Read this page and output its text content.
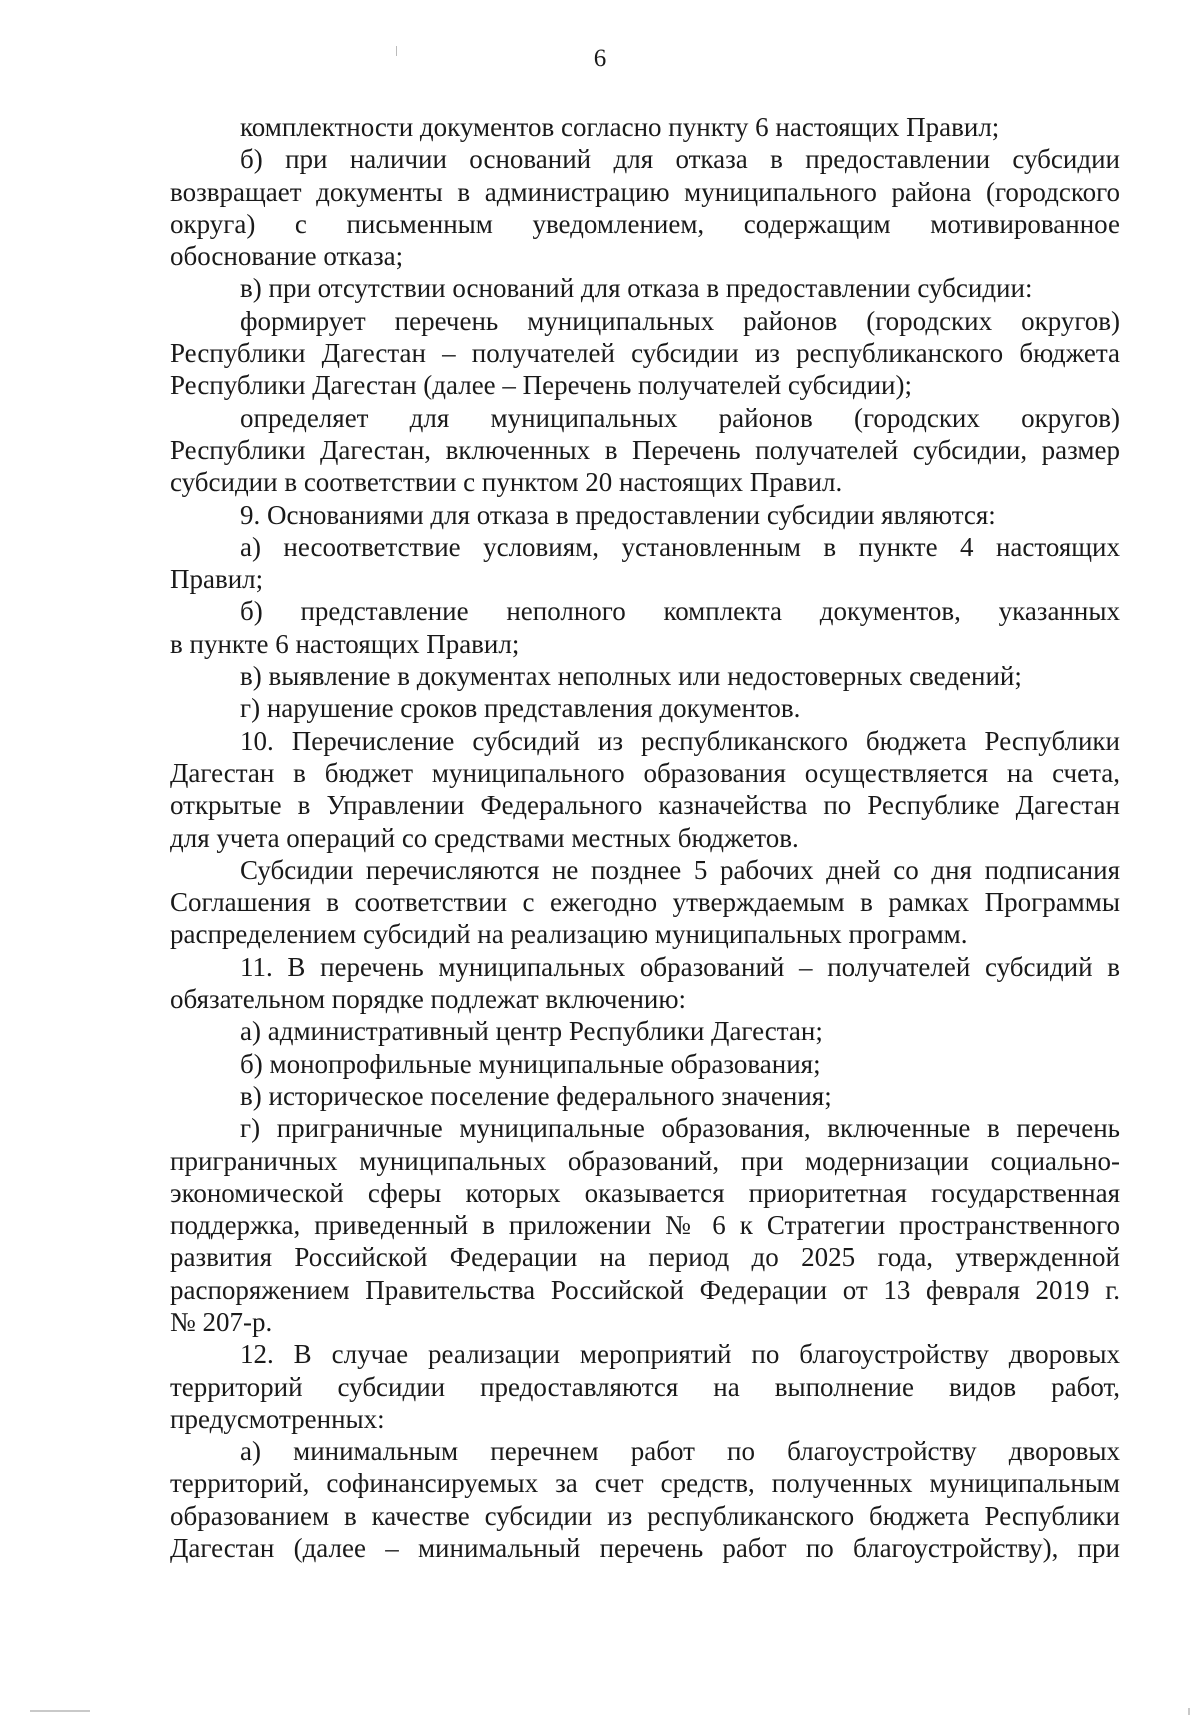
6
комплектности документов согласно пункту 6 настоящих Правил;
б) при наличии оснований для отказа в предоставлении субсидии
возвращает документы в администрацию муниципального района (городского
округа) с письменным уведомлением, содержащим мотивированное
обоснование отказа;
в) при отсутствии оснований для отказа в предоставлении субсидии:
формирует перечень муниципальных районов (городских округов)
Республики Дагестан – получателей субсидии из республиканского бюджета
Республики Дагестан (далее – Перечень получателей субсидии);
определяет для муниципальных районов (городских округов)
Республики Дагестан, включенных в Перечень получателей субсидии, размер
субсидии в соответствии с пунктом 20 настоящих Правил.
9. Основаниями для отказа в предоставлении субсидии являются:
а) несоответствие условиям, установленным в пункте 4 настоящих
Правил;
б) представление неполного комплекта документов, указанных
в пункте 6 настоящих Правил;
в) выявление в документах неполных или недостоверных сведений;
г) нарушение сроков представления документов.
10. Перечисление субсидий из республиканского бюджета Республики
Дагестан в бюджет муниципального образования осуществляется на счета,
открытые в Управлении Федерального казначейства по Республике Дагестан
для учета операций со средствами местных бюджетов.
Субсидии перечисляются не позднее 5 рабочих дней со дня подписания
Соглашения в соответствии с ежегодно утверждаемым в рамках Программы
распределением субсидий на реализацию муниципальных программ.
11. В перечень муниципальных образований – получателей субсидий в
обязательном порядке подлежат включению:
а) административный центр Республики Дагестан;
б) монопрофильные муниципальные образования;
в) историческое поселение федерального значения;
г) приграничные муниципальные образования, включенные в перечень
приграничных муниципальных образований, при модернизации социально-
экономической сферы которых оказывается приоритетная государственная
поддержка, приведенный в приложении № 6 к Стратегии пространственного
развития Российской Федерации на период до 2025 года, утвержденной
распоряжением Правительства Российской Федерации от 13 февраля 2019 г.
№ 207-р.
12. В случае реализации мероприятий по благоустройству дворовых
территорий субсидии предоставляются на выполнение видов работ,
предусмотренных:
а) минимальным перечнем работ по благоустройству дворовых
территорий, софинансируемых за счет средств, полученных муниципальным
образованием в качестве субсидии из республиканского бюджета Республики
Дагестан (далее – минимальный перечень работ по благоустройству), при
